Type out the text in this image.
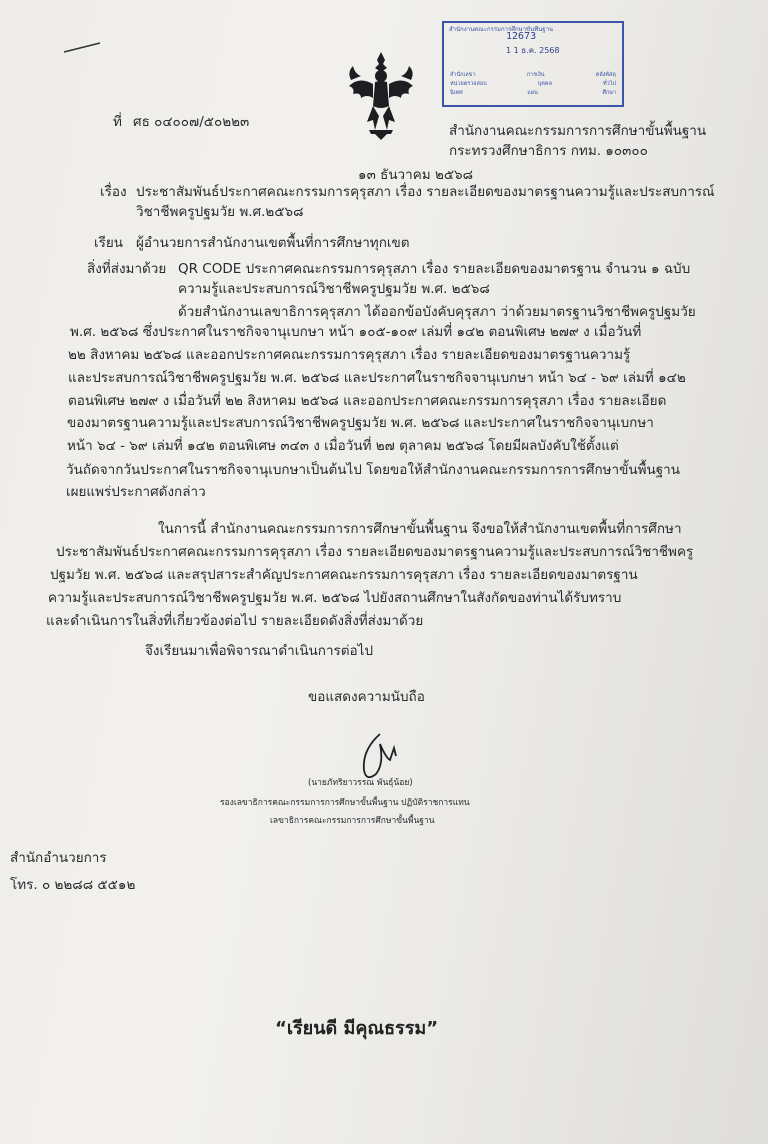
สำนักงานคณะกรรมการศึกษาขั้นพื้นฐาน
12673
1 1 ธ.ค. 2568
สำนักเลขา	การเงิน	คลังพัสดุ
หน่วยตรวจสอบ	บุคคล	ทั่วไป
นิเทศ	แผน	ศึกษา
ที่ ศธ ๐๔๐๐๗/๕๐๒๒๓
สำนักงานคณะกรรมการการศึกษาขั้นพื้นฐาน
กระทรวงศึกษาธิการ กทม. ๑๐๓๐๐
๑๓ ธันวาคม ๒๕๖๘
เรื่อง ประชาสัมพันธ์ประกาศคณะกรรมการคุรุสภา เรื่อง รายละเอียดของมาตรฐานความรู้และประสบการณ์
วิชาชีพครูปฐมวัย พ.ศ.๒๕๖๘
เรียน ผู้อำนวยการสำนักงานเขตพื้นที่การศึกษาทุกเขต
สิ่งที่ส่งมาด้วย QR CODE ประกาศคณะกรรมการคุรุสภา เรื่อง รายละเอียดของมาตรฐาน จำนวน ๑ ฉบับ
ความรู้และประสบการณ์วิชาชีพครูปฐมวัย พ.ศ. ๒๕๖๘
ด้วยสำนักงานเลขาธิการคุรุสภา ได้ออกข้อบังคับคุรุสภา ว่าด้วยมาตรฐานวิชาชีพครูปฐมวัย
พ.ศ. ๒๕๖๘ ซึ่งประกาศในราชกิจจานุเบกษา หน้า ๑๐๕-๑๐๙ เล่มที่ ๑๔๒ ตอนพิเศษ ๒๗๙ ง เมื่อวันที่
๒๒ สิงหาคม ๒๕๖๘ และออกประกาศคณะกรรมการคุรุสภา เรื่อง รายละเอียดของมาตรฐานความรู้
และประสบการณ์วิชาชีพครูปฐมวัย พ.ศ. ๒๕๖๘ และประกาศในราชกิจจานุเบกษา หน้า ๖๔ - ๖๙ เล่มที่ ๑๔๒
ตอนพิเศษ ๒๗๙ ง เมื่อวันที่ ๒๒ สิงหาคม ๒๕๖๘ และออกประกาศคณะกรรมการคุรุสภา เรื่อง รายละเอียด
ของมาตรฐานความรู้และประสบการณ์วิชาชีพครูปฐมวัย พ.ศ. ๒๕๖๘ และประกาศในราชกิจจานุเบกษา
หน้า ๖๔ - ๖๙ เล่มที่ ๑๔๒ ตอนพิเศษ ๓๔๓ ง เมื่อวันที่ ๒๗ ตุลาคม ๒๕๖๘ โดยมีผลบังคับใช้ตั้งแต่
วันถัดจากวันประกาศในราชกิจจานุเบกษาเป็นต้นไป โดยขอให้สำนักงานคณะกรรมการการศึกษาขั้นพื้นฐาน
เผยแพร่ประกาศดังกล่าว
ในการนี้ สำนักงานคณะกรรมการการศึกษาขั้นพื้นฐาน จึงขอให้สำนักงานเขตพื้นที่การศึกษา
ประชาสัมพันธ์ประกาศคณะกรรมการคุรุสภา เรื่อง รายละเอียดของมาตรฐานความรู้และประสบการณ์วิชาชีพครู
ปฐมวัย พ.ศ. ๒๕๖๘ และสรุปสาระสำคัญประกาศคณะกรรมการคุรุสภา เรื่อง รายละเอียดของมาตรฐาน
ความรู้และประสบการณ์วิชาชีพครูปฐมวัย พ.ศ. ๒๕๖๘ ไปยังสถานศึกษาในสังกัดของท่านได้รับทราบ
และดำเนินการในสิ่งที่เกี่ยวข้องต่อไป รายละเอียดดังสิ่งที่ส่งมาด้วย
จึงเรียนมาเพื่อพิจารณาดำเนินการต่อไป
ขอแสดงความนับถือ
(นายภัทริยาวรรณ พันธุ์น้อย)
รองเลขาธิการคณะกรรมการการศึกษาขั้นพื้นฐาน ปฏิบัติราชการแทน
เลขาธิการคณะกรรมการการศึกษาขั้นพื้นฐาน
สำนักอำนวยการ
โทร. ๐ ๒๒๘๘ ๕๕๑๒
“เรียนดี มีคุณธรรม”
